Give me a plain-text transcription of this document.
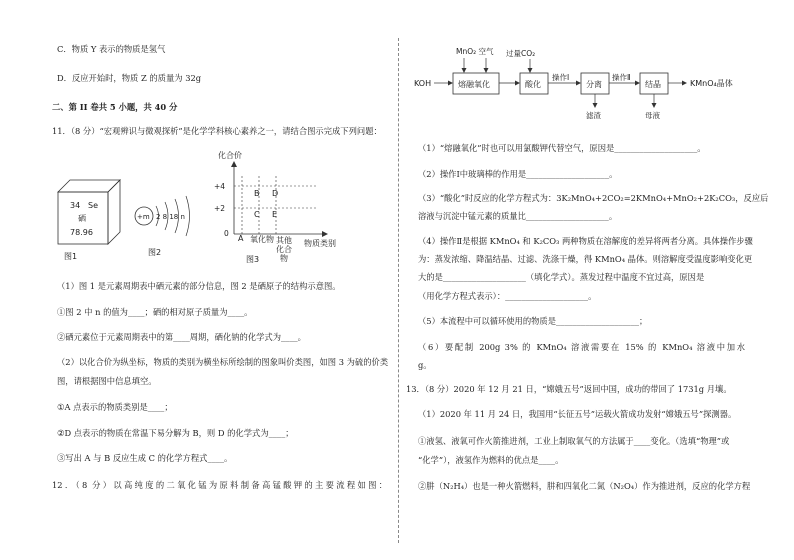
C．物质 Y 表示的物质是氢气
D．反应开始时，物质 Z 的质量为 32g
二、第 II 卷共 5 小题，共 40 分
11．（8 分）“宏观辨识与微观探析”是化学学科核心素养之一，请结合图示完成下列问题：
34 Se
硒
78.96
图1
+m 2 8 18 n
图2
化合价
+4
+2
0
B D
C E
A 氧化物	物质类别
图3
其他化合物
（1）图 1 是元素周期表中硒元素的部分信息，图 2 是硒原子的结构示意图。
①图 2 中 n 的值为____；硒的相对原子质量为____。
②硒元素位于元素周期表中的第____周期，硒化钠的化学式为____。
（2）以化合价为纵坐标，物质的类别为横坐标所绘制的图象叫价类图，如图 3 为硫的价类
图，请根据图中信息填空。
①A 点表示的物质类别是____；
②D 点表示的物质在常温下易分解为 B，则 D 的化学式为____；
③写出 A 与 B 反应生成 C 的化学方程式____。
12．（8 分）以高纯度的二氧化锰为原料制备高锰酸钾的主要流程如图：
MnO₂ 空气 过量CO₂
KOH	熔融氧化	酸化
操作Ⅰ
分离
滤渣
操作Ⅱ
结晶
母液
KMnO₄晶体
（1）“熔融氧化”时也可以用氯酸钾代替空气，原因是____________________。
（2）操作Ⅰ中玻璃棒的作用是____________________。
（3）“酸化”时反应的化学方程式为：3K₂MnO₄+2CO₂=2KMnO₄+MnO₂+2K₂CO₃，反应后
溶液与沉淀中锰元素的质量比____________________。
（4）操作Ⅱ是根据 KMnO₄ 和 K₂CO₃ 两种物质在溶解度的差异将两者分离。具体操作步骤
为：蒸发浓缩、降温结晶、过滤、洗涤干燥，得 KMnO₄ 晶体。则溶解度受温度影响变化更
大的是____________________（填化学式）。蒸发过程中温度不宜过高，原因是
（用化学方程式表示）：____________________。
（5）本流程中可以循环使用的物质是____________________；
（6）要配制 200g 3% 的 KMnO₄ 溶液需要在 15% 的 KMnO₄ 溶液中加水
g。
13．（8 分）2020 年 12 月 21 日，“嫦娥五号”返回中国，成功的带回了 1731g 月壤。
（1）2020 年 11 月 24 日，我国用“长征五号”运载火箭成功发射“嫦娥五号”探测器。
①液氢、液氧可作火箭推进剂，工业上制取氧气的方法属于____变化。（选填“物理”或
“化学”），液氢作为燃料的优点是____。
②肼（N₂H₄）也是一种火箭燃料，肼和四氧化二氮（N₂O₄）作为推进剂，反应的化学方程
